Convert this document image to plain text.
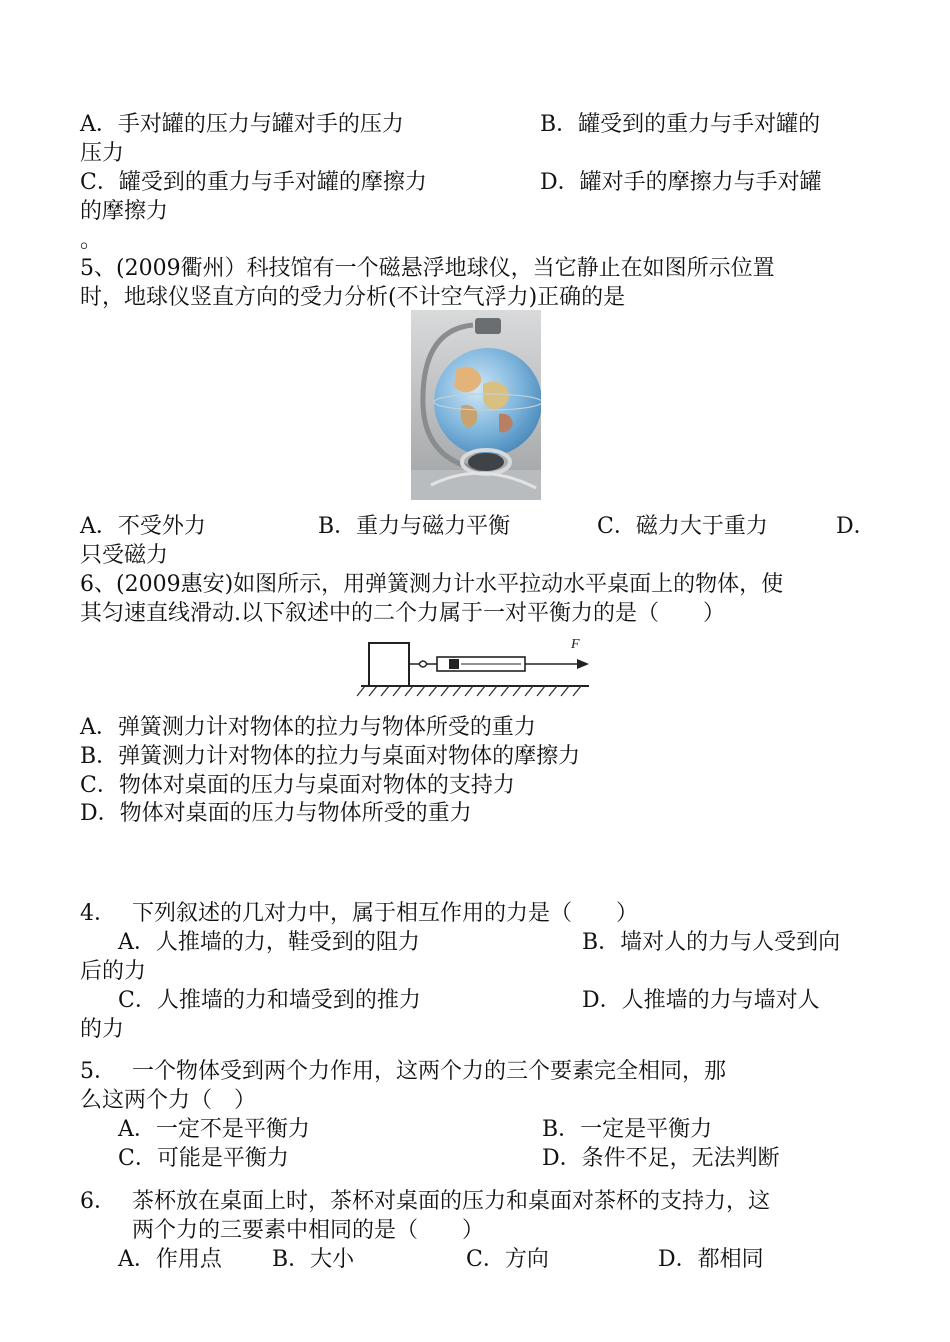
A．手对罐的压力与罐对手的压力	B．罐受到的重力与手对罐的
压力
C．罐受到的重力与手对罐的摩擦力	D．罐对手的摩擦力与手对罐
的摩擦力
。
5、(2009衢州）科技馆有一个磁悬浮地球仪，当它静止在如图所示位置
时，地球仪竖直方向的受力分析(不计空气浮力)正确的是
A．不受外力	B．重力与磁力平衡	C．磁力大于重力	D．
只受磁力
6、(2009惠安)如图所示，用弹簧测力计水平拉动水平桌面上的物体，使
其匀速直线滑动.以下叙述中的二个力属于一对平衡力的是（　　）
F
A．弹簧测力计对物体的拉力与物体所受的重力
B．弹簧测力计对物体的拉力与桌面对物体的摩擦力
C．物体对桌面的压力与桌面对物体的支持力
D．物体对桌面的压力与物体所受的重力
4． 下列叙述的几对力中，属于相互作用的力是（　　）
A．人推墙的力，鞋受到的阻力	B．墙对人的力与人受到向
后的力
C．人推墙的力和墙受到的推力	D．人推墙的力与墙对人
的力
5． 一个物体受到两个力作用，这两个力的三个要素完全相同，那
么这两个力（　）
A．一定不是平衡力	B．一定是平衡力
C．可能是平衡力	D．条件不足，无法判断
6． 茶杯放在桌面上时，茶杯对桌面的压力和桌面对茶杯的支持力，这
两个力的三要素中相同的是（　　）
A．作用点 B．大小	C．方向	D．都相同
